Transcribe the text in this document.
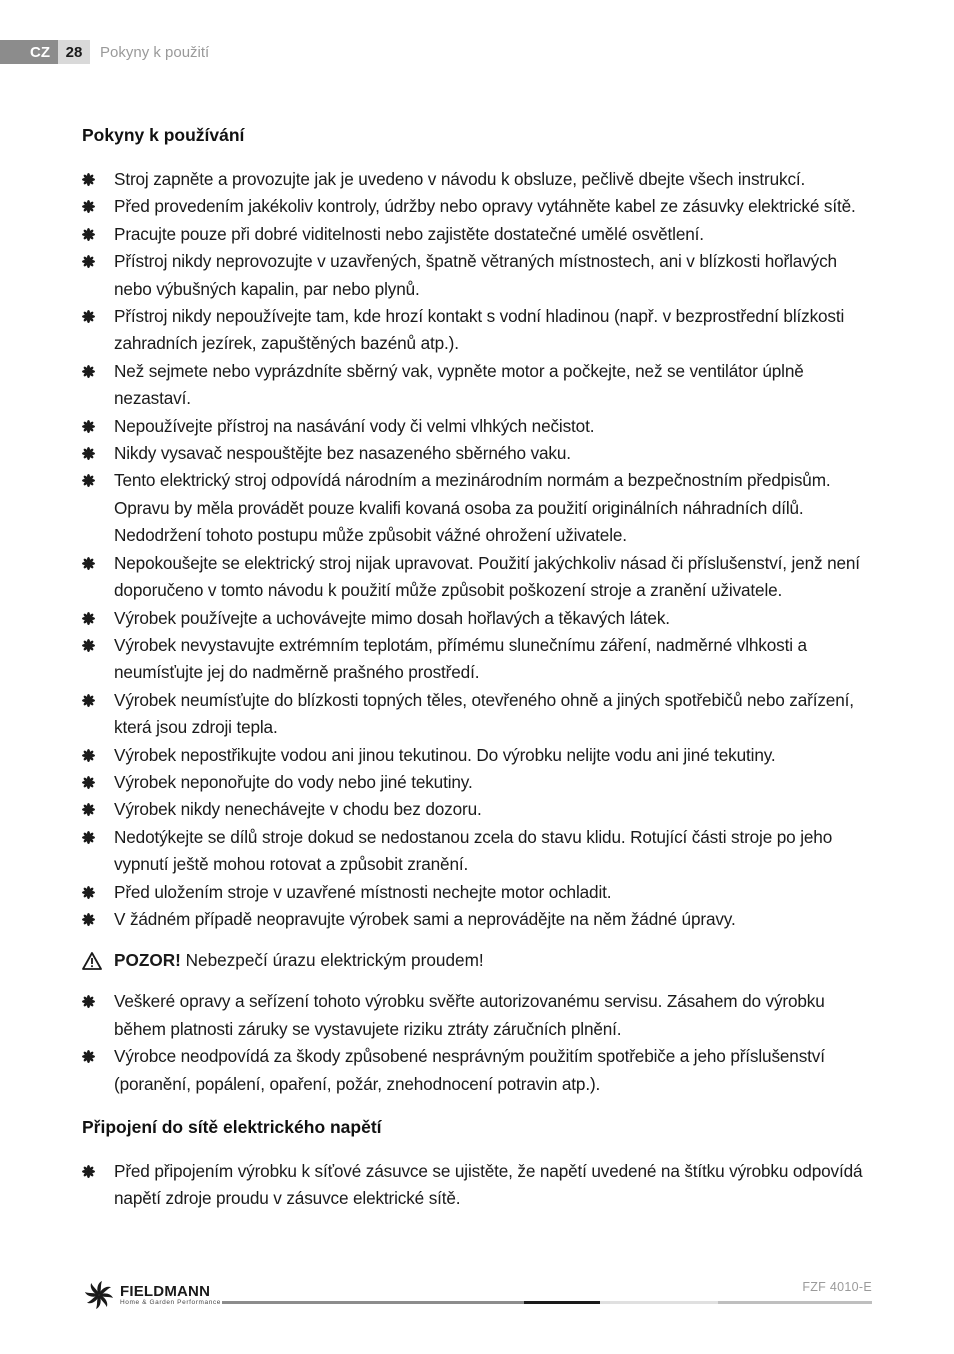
CZ	28	Pokyny k použití
Pokyny k používání
Stroj zapněte a provozujte jak je uvedeno v návodu k obsluze, pečlivě dbejte všech instrukcí.
Před provedením jakékoliv kontroly, údržby nebo opravy vytáhněte kabel ze zásuvky elektrické sítě.
Pracujte pouze při dobré viditelnosti nebo zajistěte dostatečné umělé osvětlení.
Přístroj nikdy neprovozujte v uzavřených, špatně větraných místnostech, ani v blízkosti hořlavých nebo výbušných kapalin, par nebo plynů.
Přístroj nikdy nepoužívejte tam, kde hrozí kontakt s vodní hladinou (např. v bezprostřední blízkosti zahradních jezírek, zapuštěných bazénů atp.).
Než sejmete nebo vyprázdníte sběrný vak, vypněte motor a počkejte, než se ventilátor úplně nezastaví.
Nepoužívejte přístroj na nasávání vody či velmi vlhkých nečistot.
Nikdy vysavač nespouštějte bez nasazeného sběrného vaku.
Tento elektrický stroj odpovídá národním a mezinárodním normám a bezpečnostním předpisům. Opravu by měla provádět pouze kvalifi kovaná osoba za použití originálních náhradních dílů. Nedodržení tohoto postupu může způsobit vážné ohrožení uživatele.
Nepokoušejte se elektrický stroj nijak upravovat. Použití jakýchkoliv násad či příslušenství, jenž není doporučeno v tomto návodu k použití může způsobit poškození stroje a zranění uživatele.
Výrobek používejte a uchovávejte mimo dosah hořlavých a těkavých látek.
Výrobek nevystavujte extrémním teplotám, přímému slunečnímu záření, nadměrné vlhkosti a neumísťujte jej do nadměrně prašného prostředí.
Výrobek neumísťujte do blízkosti topných těles, otevřeného ohně a jiných spotřebičů nebo zařízení, která jsou zdroji tepla.
Výrobek nepostřikujte vodou ani jinou tekutinou. Do výrobku nelijte vodu ani jiné tekutiny.
Výrobek neponořujte do vody nebo jiné tekutiny.
Výrobek nikdy nenechávejte v chodu bez dozoru.
Nedotýkejte se dílů stroje dokud se nedostanou zcela do stavu klidu. Rotující části stroje po jeho vypnutí ještě mohou rotovat a způsobit zranění.
Před uložením stroje v uzavřené místnosti nechejte motor ochladit.
V žádném případě neopravujte výrobek sami a neprovádějte na něm žádné úpravy.
POZOR! Nebezpečí úrazu elektrickým proudem!
Veškeré opravy a seřízení tohoto výrobku svěřte autorizovanému servisu. Zásahem do výrobku během platnosti záruky se vystavujete riziku ztráty záručních plnění.
Výrobce neodpovídá za škody způsobené nesprávným použitím spotřebiče a jeho příslušenství (poranění, popálení, opaření, požár, znehodnocení potravin atp.).
Připojení do sítě elektrického napětí
Před připojením výrobku k síťové zásuvce se ujistěte, že napětí uvedené na štítku výrobku odpovídá napětí zdroje proudu v zásuvce elektrické sítě.
FIELDMANN
Home & Garden Performance
FZF 4010-E
